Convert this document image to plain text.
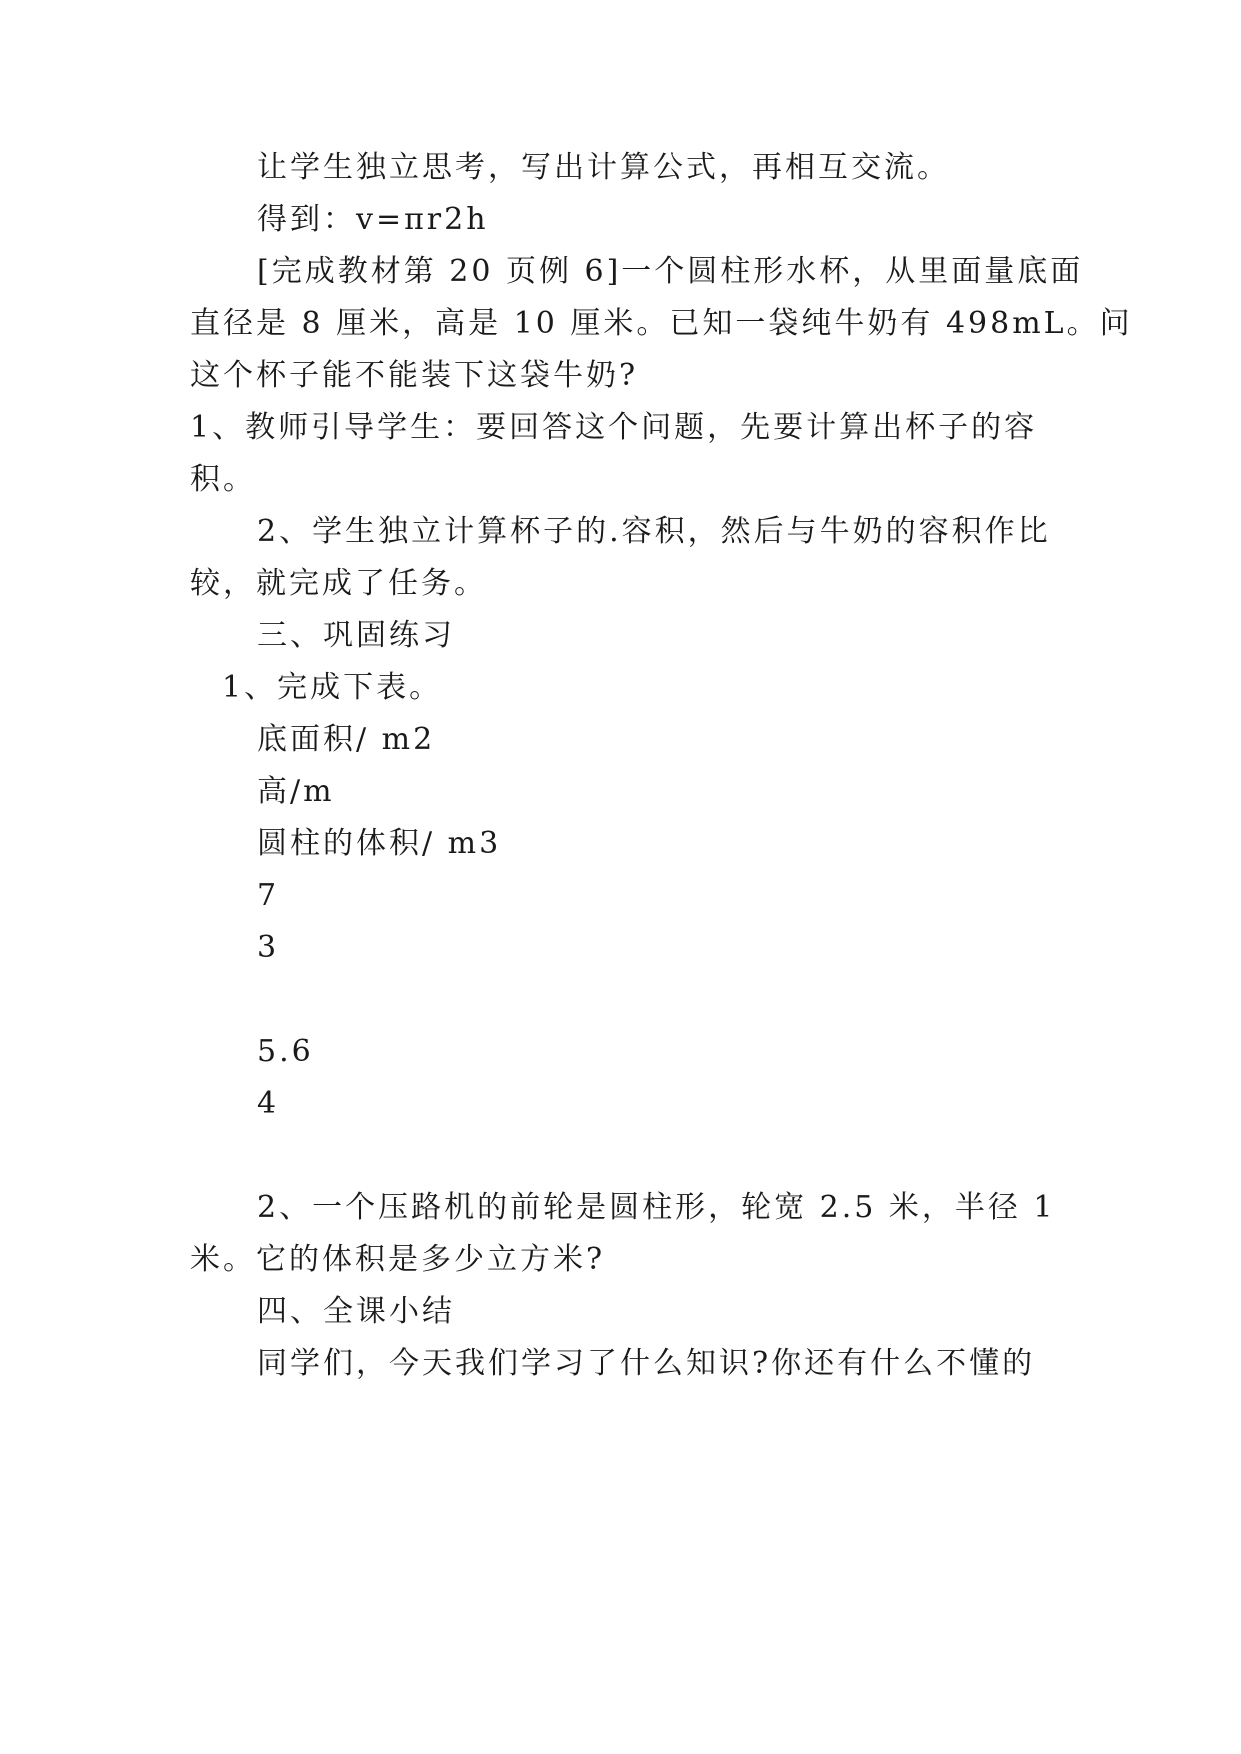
让学生独立思考，写出计算公式，再相互交流。

得到：v=πr2h

[完成教材第 20 页例 6]一个圆柱形水杯，从里面量底面

直径是 8 厘米，高是 10 厘米。已知一袋纯牛奶有 498mL。问

这个杯子能不能装下这袋牛奶?

1、教师引导学生：要回答这个问题，先要计算出杯子的容

积。

2、学生独立计算杯子的.容积，然后与牛奶的容积作比

较，就完成了任务。

三、巩固练习

1、完成下表。

底面积/ m2

高/m

圆柱的体积/ m3

7

3

5.6

4

2、一个压路机的前轮是圆柱形，轮宽 2.5 米，半径 1

米。它的体积是多少立方米?

四、全课小结

同学们，今天我们学习了什么知识?你还有什么不懂的
